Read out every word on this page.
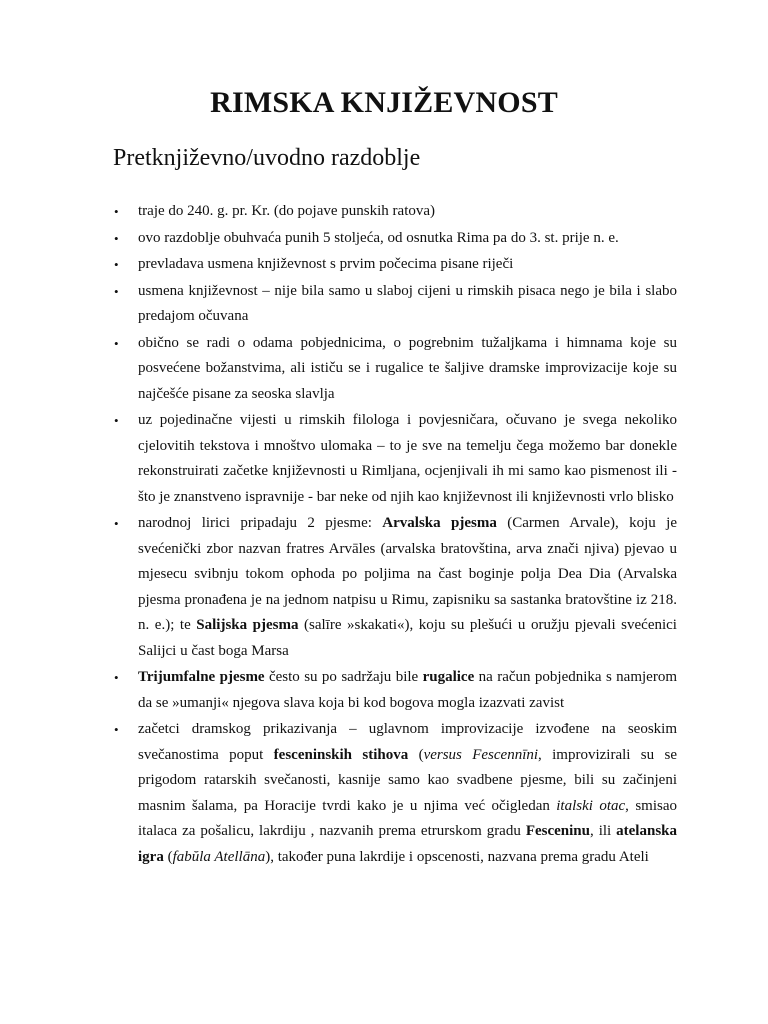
RIMSKA KNJIŽEVNOST
Pretknjiževno/uvodno razdoblje
• traje do 240. g. pr. Kr. (do pojave punskih ratova)
• ovo razdoblje obuhvaća punih 5 stoljeća, od osnutka Rima pa do 3. st. prije n. e.
• prevladava usmena književnost s prvim počecima pisane riječi
• usmena književnost – nije bila samo u slaboj cijeni u rimskih pisaca nego je bila i slabo predajom očuvana
• obično se radi o odama pobjednicima, o pogrebnim tužaljkama i himnama koje su posvećene božanstvima, ali ističu se i rugalice te šaljive dramske improvizacije koje su najčešće pisane za seoska slavlja
• uz pojedinačne vijesti u rimskih filologa i povjesničara, očuvano je svega nekoliko cjelovitih tekstova i mnoštvo ulomaka – to je sve na temelju čega možemo bar donekle rekonstruirati začetke književnosti u Rimljana, ocjenjivali ih mi samo kao pismenost ili - što je znanstveno ispravnije - bar neke od njih kao književnost ili književnosti vrlo blisko
• narodnoj lirici pripadaju 2 pjesme: Arvalska pjesma (Carmen Arvale), koju je svećenički zbor nazvan fratres Arvāles (arvalska bratovština, arva znači njiva) pjevao u mjesecu svibnju tokom ophoda po poljima na čast boginje polja Dea Dia (Arvalska pjesma pronađena je na jednom natpisu u Rimu, zapisniku sa sastanka bratovštine iz 218. n. e.); te Salijska pjesma (salīre »skakati«), koju su plešući u oružju pjevali svećenici Salijci u čast boga Marsa
• Trijumfalne pjesme često su po sadržaju bile rugalice na račun pobjednika s namjerom da se »umanji« njegova slava koja bi kod bogova mogla izazvati zavist
• začetci dramskog prikazivanja – uglavnom improvizacije izvođene na seoskim svečanostima poput fesceninskih stihova (versus Fescennīni, improvizirali su se prigodom ratarskih svečanosti, kasnije samo kao svadbene pjesme, bili su začinjeni masnim šalama, pa Horacije tvrdi kako je u njima već očigledan italski otac, smisao italaca za pošalicu, lakrdiju , nazvanih prema etrurskom gradu Fesceninu, ili atelanska igra (fabŭla Atellāna), također puna lakrdije i opscenosti, nazvana prema gradu Ateli
